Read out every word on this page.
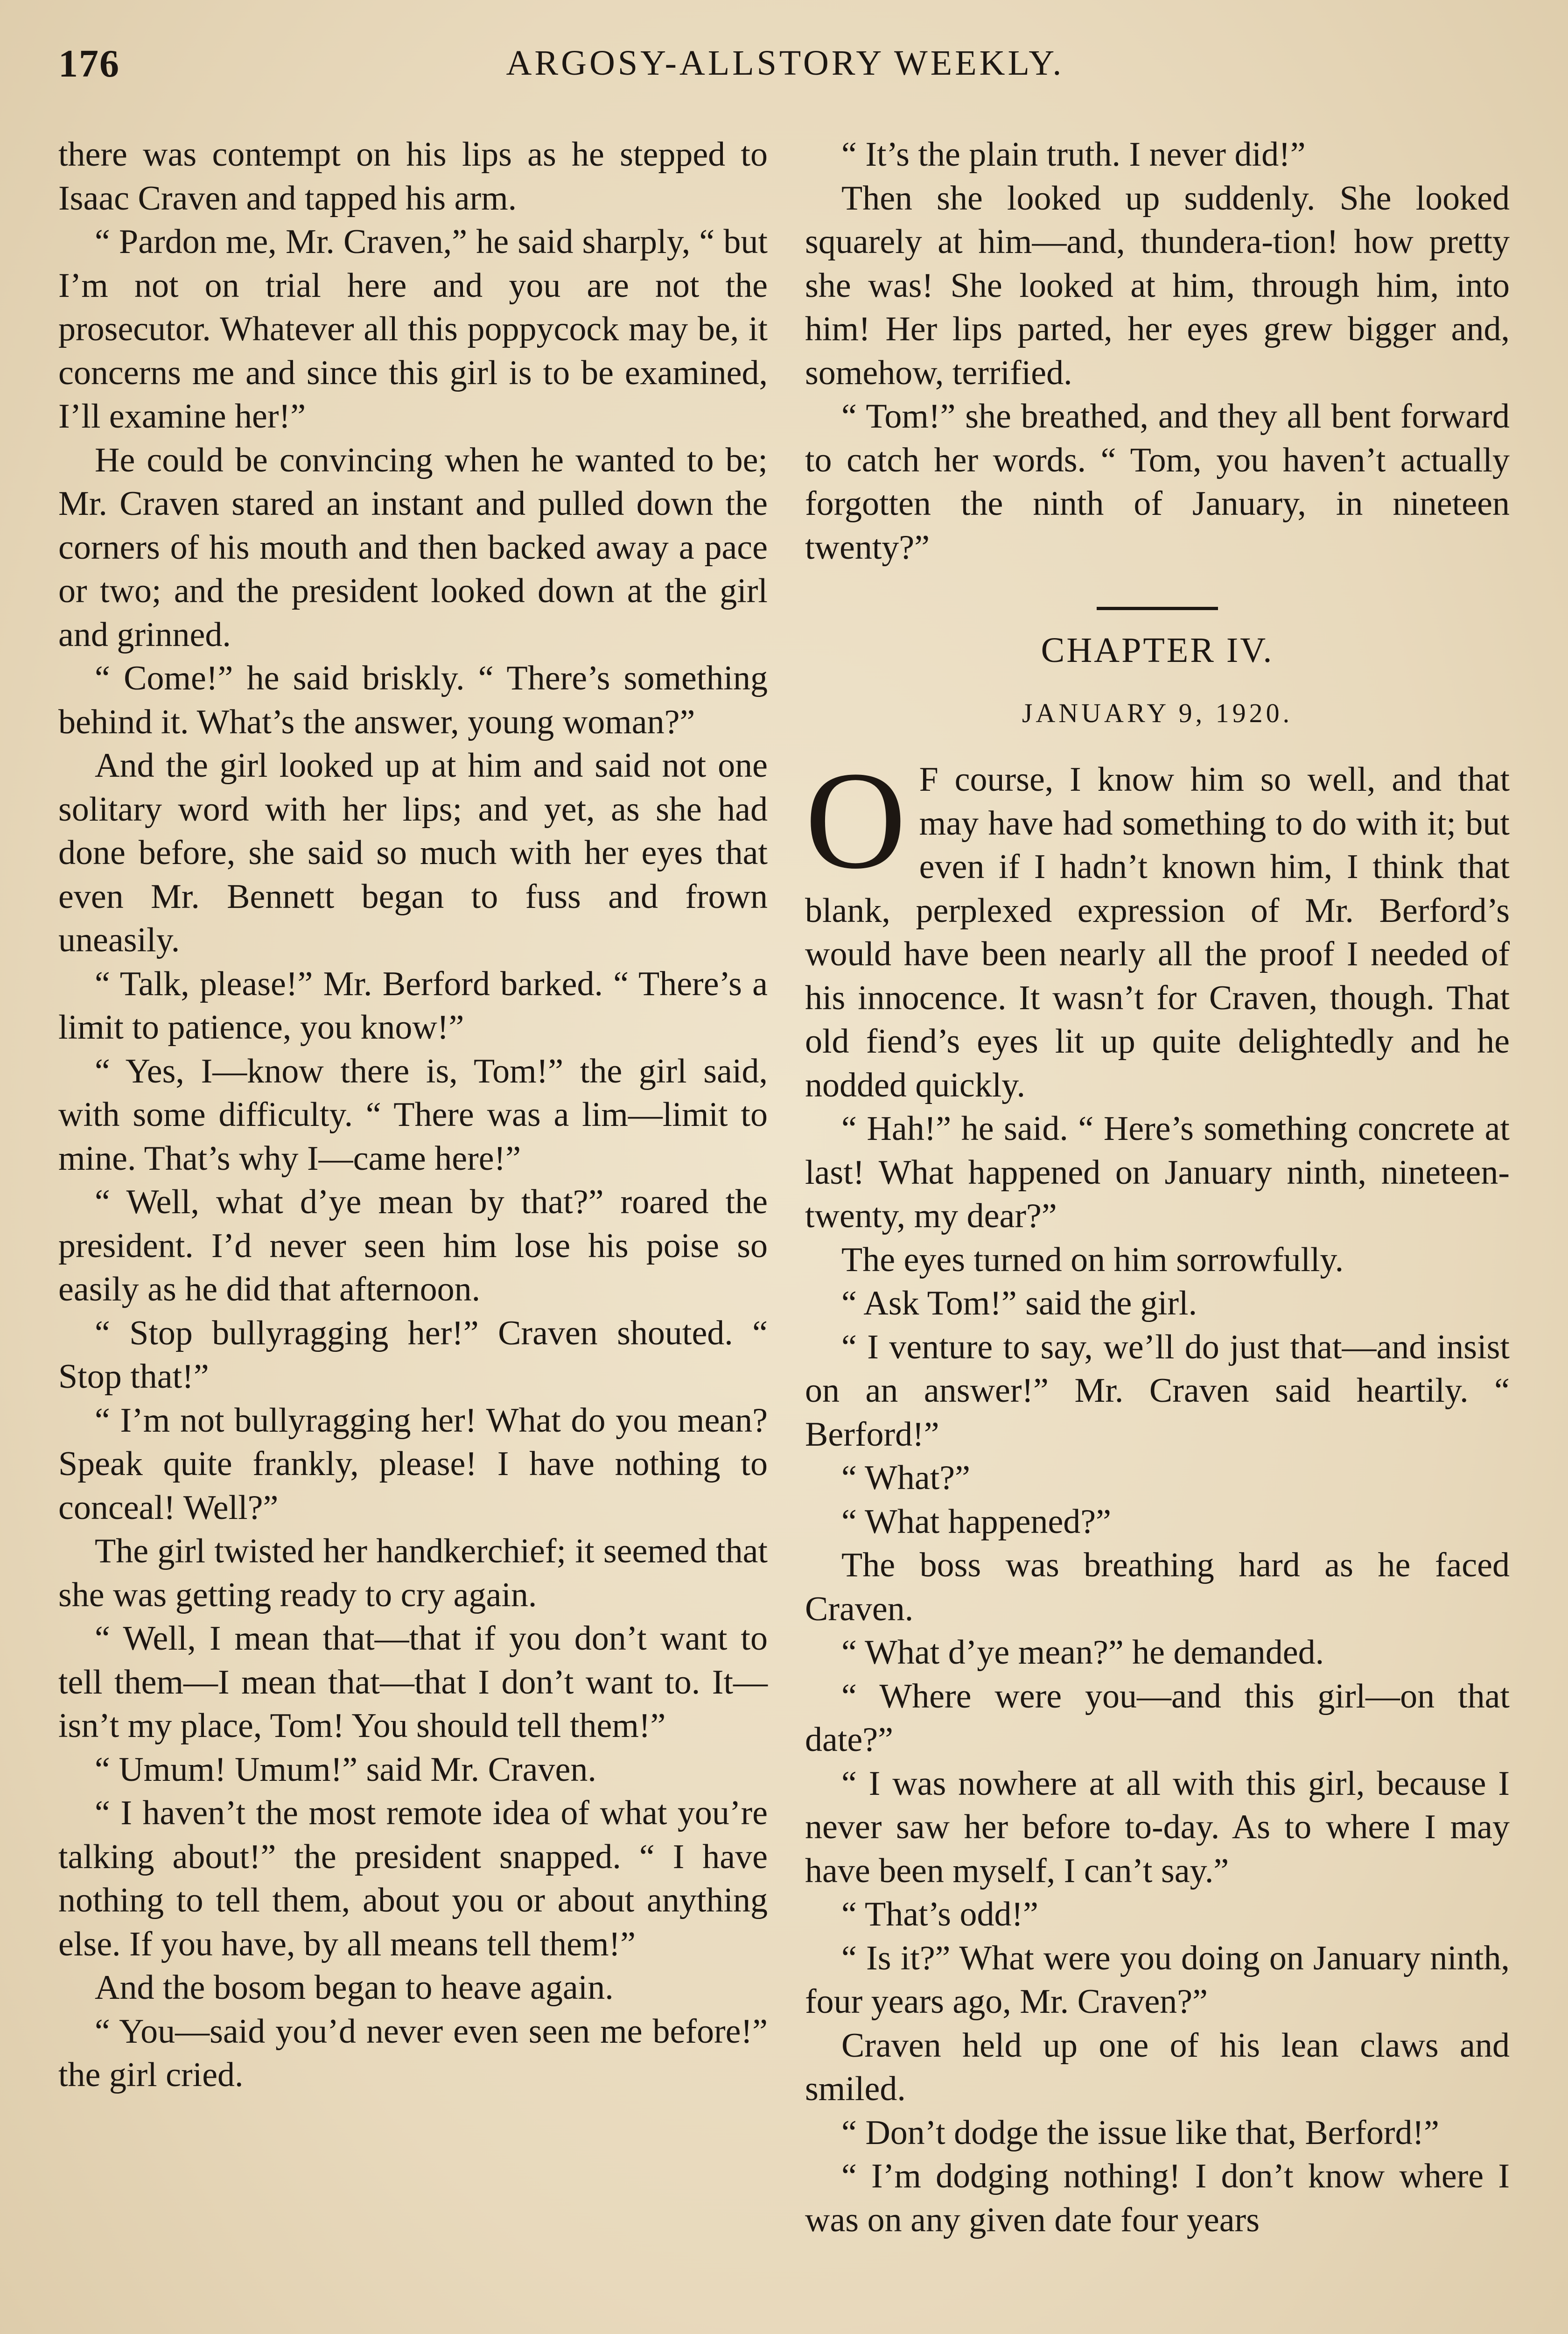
176	ARGOSY-ALLSTORY WEEKLY.

there was contempt on his lips as he stepped to Isaac Craven and tapped his arm.

“ Pardon me, Mr. Craven,” he said sharply, “ but I’m not on trial here and you are not the prosecutor. Whatever all this poppycock may be, it concerns me and since this girl is to be examined, I’ll examine her!”

He could be convincing when he wanted to be; Mr. Craven stared an instant and pulled down the corners of his mouth and then backed away a pace or two; and the president looked down at the girl and grinned.

“ Come!” he said briskly. “ There’s something behind it. What’s the answer, young woman?”

And the girl looked up at him and said not one solitary word with her lips; and yet, as she had done before, she said so much with her eyes that even Mr. Bennett began to fuss and frown uneasily.

“ Talk, please!” Mr. Berford barked. “ There’s a limit to patience, you know!”

“ Yes, I—know there is, Tom!” the girl said, with some difficulty. “ There was a lim—limit to mine. That’s why I—came here!”

“ Well, what d’ye mean by that?” roared the president. I’d never seen him lose his poise so easily as he did that afternoon.

“ Stop bullyragging her!” Craven shouted. “ Stop that!”

“ I’m not bullyragging her! What do you mean? Speak quite frankly, please! I have nothing to conceal! Well?”

The girl twisted her handkerchief; it seemed that she was getting ready to cry again.

“ Well, I mean that—that if you don’t want to tell them—I mean that—that I don’t want to. It—isn’t my place, Tom! You should tell them!”

“ Umum! Umum!” said Mr. Craven.

“ I haven’t the most remote idea of what you’re talking about!” the president snapped. “ I have nothing to tell them, about you or about anything else. If you have, by all means tell them!”

And the bosom began to heave again.

“ You—said you’d never even seen me before!” the girl cried.

“ It’s the plain truth. I never did!”

Then she looked up suddenly. She looked squarely at him—and, thundera-tion! how pretty she was! She looked at him, through him, into him! Her lips parted, her eyes grew bigger and, somehow, terrified.

“ Tom!” she breathed, and they all bent forward to catch her words. “ Tom, you haven’t actually forgotten the ninth of January, in nineteen twenty?”

CHAPTER IV.
JANUARY 9, 1920.

O F course, I know him so well, and that may have had something to do with it; but even if I hadn’t known him, I think that blank, perplexed expression of Mr. Berford’s would have been nearly all the proof I needed of his innocence. It wasn’t for Craven, though. That old fiend’s eyes lit up quite delightedly and he nodded quickly.

“ Hah!” he said. “ Here’s something concrete at last! What happened on January ninth, nineteen-twenty, my dear?”

The eyes turned on him sorrowfully.

“ Ask Tom!” said the girl.

“ I venture to say, we’ll do just that—and insist on an answer!” Mr. Craven said heartily. “ Berford!”

“ What?”

“ What happened?”

The boss was breathing hard as he faced Craven.

“ What d’ye mean?” he demanded.

“ Where were you—and this girl—on that date?”

“ I was nowhere at all with this girl, because I never saw her before to-day. As to where I may have been myself, I can’t say.”

“ That’s odd!”

“ Is it?” What were you doing on January ninth, four years ago, Mr. Craven?”

Craven held up one of his lean claws and smiled.

“ Don’t dodge the issue like that, Berford!”

“ I’m dodging nothing! I don’t know where I was on any given date four years
